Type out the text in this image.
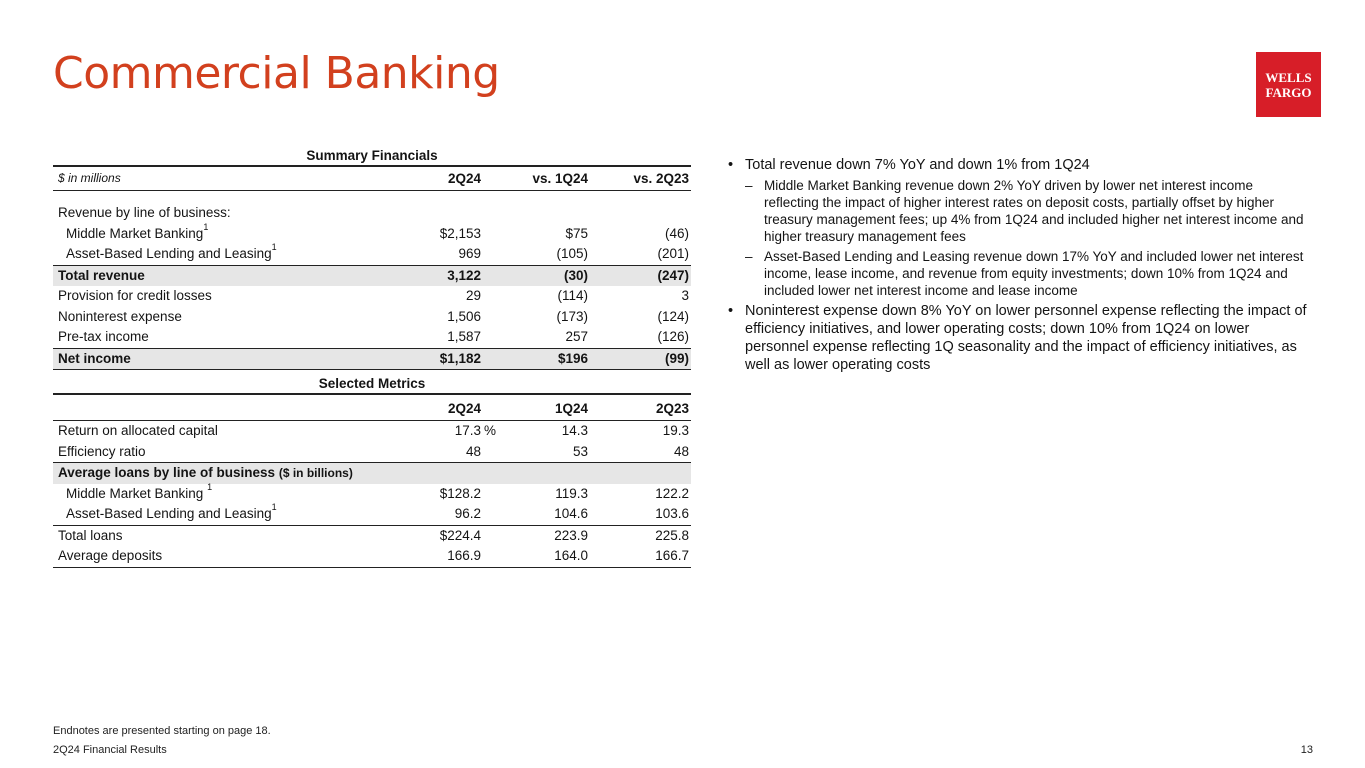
Commercial Banking	WELLS
FARGO
Summary Financials
$ in millions	2Q24	vs. 1Q24	vs. 2Q23
Revenue by line of business:
Middle Market Banking$^1$	$2,153	$75	(46)
Asset-Based Lending and Leasing$^1$	969	(105)	(201)
Total revenue	3,122	(30)	(247)
Provision for credit losses	29	(114)	3
Noninterest expense	1,506	(173)	(124)
Pre-tax income	1,587	257	(126)
Net income	$1,182	$196	(99)
Selected Metrics
2Q24	1Q24	2Q23
Return on allocated capital	17.3 %	14.3	19.3
Efficiency ratio	48	53	48
Average loans by line of business ($ in billions)
Middle Market Banking $^1$	$128.2	119.3	122.2
Asset-Based Lending and Leasing$^1$	96.2	104.6	103.6
Total loans	$224.4	223.9	225.8
Average deposits	166.9	164.0	166.7
• Total revenue down 7% YoY and down 1% from 1Q24
– Middle Market Banking revenue down 2% YoY driven by lower net interest income reflecting the impact of higher interest rates on deposit costs, partially offset by higher treasury management fees; up 4% from 1Q24 and included higher net interest income and higher treasury management fees
– Asset-Based Lending and Leasing revenue down 17% YoY and included lower net interest income, lease income, and revenue from equity investments; down 10% from 1Q24 and included lower net interest income and lease income
• Noninterest expense down 8% YoY on lower personnel expense reflecting the impact of efficiency initiatives, and lower operating costs; down 10% from 1Q24 on lower personnel expense reflecting 1Q seasonality and the impact of efficiency initiatives, as well as lower operating costs
Endnotes are presented starting on page 18.
2Q24 Financial Results	13
